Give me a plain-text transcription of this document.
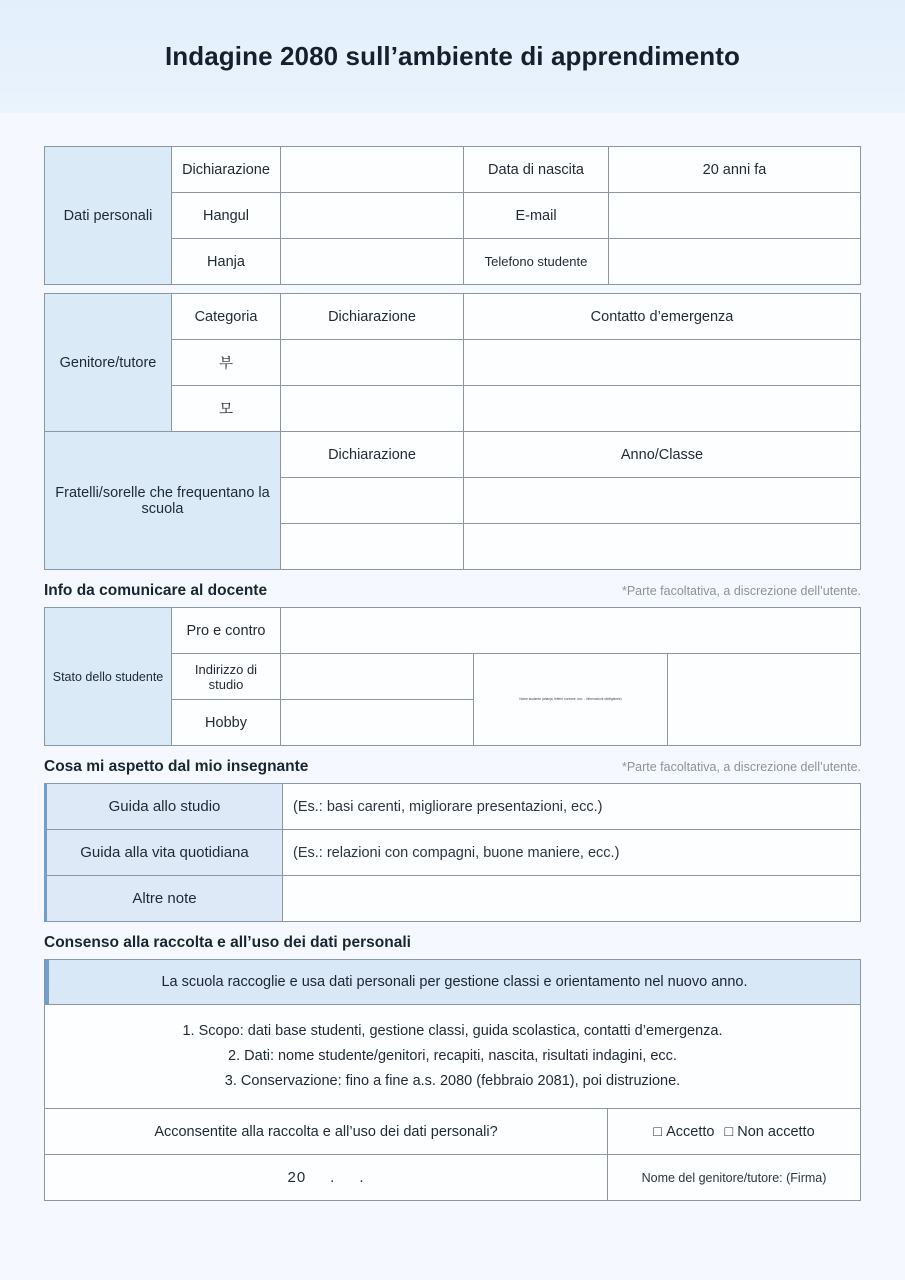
Indagine 2080 sull’ambiente di apprendimento
Dati personali	Dichiarazione		Data di nascita	20 anni fa
	Hangul		E-mail	
	Hanja		Telefono studente	
Genitore/tutore	Categoria	Dichiarazione	Contatto d’emergenza
	부		
	모		
Fratelli/sorelle che frequentano la scuola	Dichiarazione	Anno/Classe

Info da comunicare al docente	*Parte facoltativa, a discrezione dell’utente.
Stato dello studente	Pro e contro			
	Indirizzo di studio		Nome studente (ahanja, lettere coreane, ecc. - informazioni obbligatorie)	
	Hobby			
Cosa mi aspetto dal mio insegnante	*Parte facoltativa, a discrezione dell’utente.
Guida allo studio	(Es.: basi carenti, migliorare presentazioni, ecc.)
Guida alla vita quotidiana	(Es.: relazioni con compagni, buone maniere, ecc.)
Altre note	
Consenso alla raccolta e all’uso dei dati personali
La scuola raccoglie e usa dati personali per gestione classi e orientamento nel nuovo anno.
1. Scopo: dati base studenti, gestione classi, guida scolastica, contatti d’emergenza.
2. Dati: nome studente/genitori, recapiti, nascita, risultati indagini, ecc.
3. Conservazione: fino a fine a.s. 2080 (febbraio 2081), poi distruzione.
Acconsentite alla raccolta e all’uso dei dati personali?	□ Accetto □ Non accetto
20 . .	Nome del genitore/tutore: (Firma)
